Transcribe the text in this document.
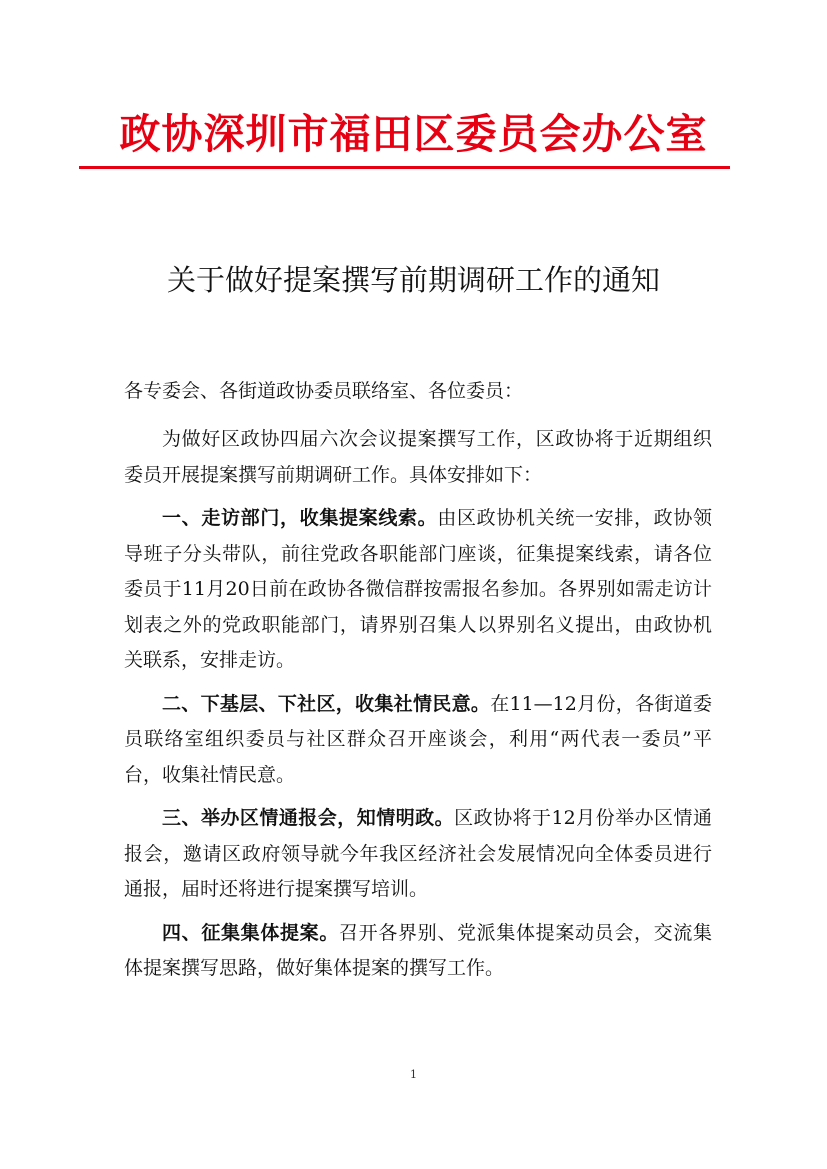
政协深圳市福田区委员会办公室
关于做好提案撰写前期调研工作的通知
各专委会、各街道政协委员联络室、各位委员：

为做好区政协四届六次会议提案撰写工作，区政协将于近期组织委员开展提案撰写前期调研工作。具体安排如下：

一、走访部门，收集提案线索。由区政协机关统一安排，政协领导班子分头带队，前往党政各职能部门座谈，征集提案线索，请各位委员于11月20日前在政协各微信群按需报名参加。各界别如需走访计划表之外的党政职能部门，请界别召集人以界别名义提出，由政协机关联系，安排走访。

二、下基层、下社区，收集社情民意。在11—12月份，各街道委员联络室组织委员与社区群众召开座谈会，利用“两代表一委员”平台，收集社情民意。

三、举办区情通报会，知情明政。区政协将于12月份举办区情通报会，邀请区政府领导就今年我区经济社会发展情况向全体委员进行通报，届时还将进行提案撰写培训。

四、征集集体提案。召开各界别、党派集体提案动员会，交流集体提案撰写思路，做好集体提案的撰写工作。

1
